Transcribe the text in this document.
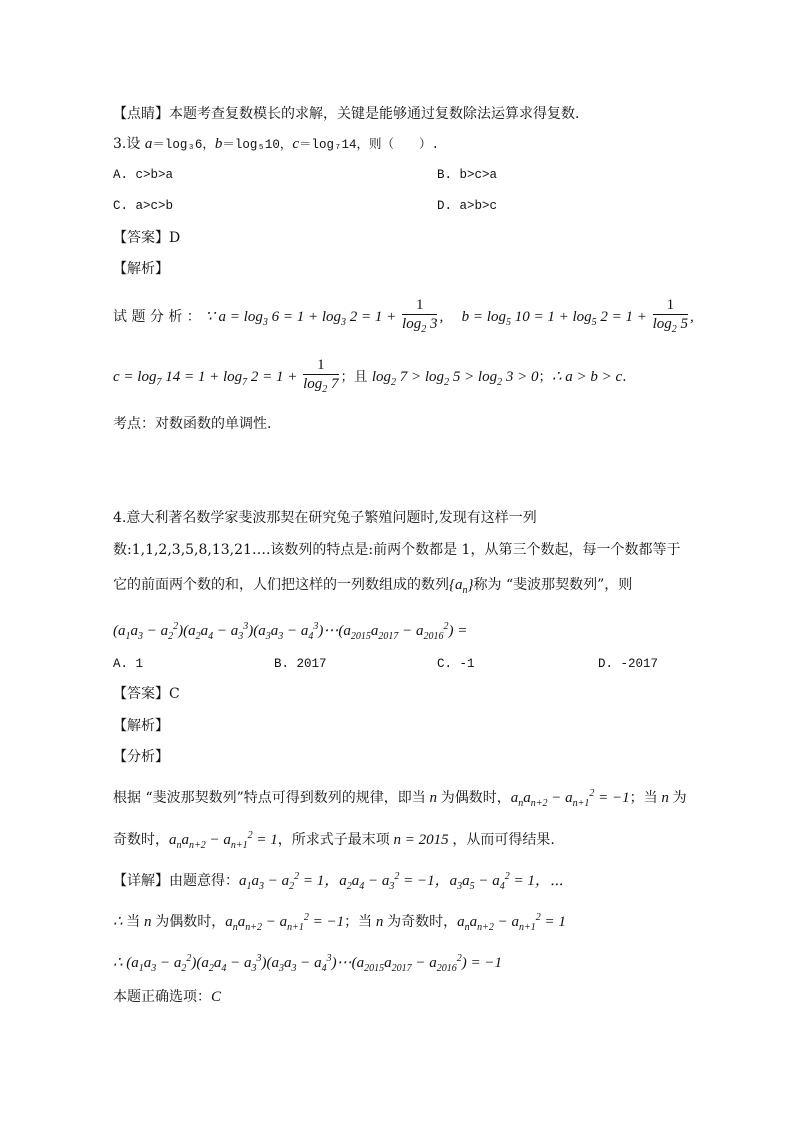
【点睛】本题考查复数模长的求解，关键是能够通过复数除法运算求得复数.
3.设 a＝log₃6，b＝log₅10，c＝log₇14，则（　　）.
A. c>b>a	B. b>c>a
C. a>c>b	D. a>b>c
【答案】D
【解析】
试 题 分 析 ： ∵ $a = \log_3 6 = 1 + \log_3 2 = 1 + \frac{1}{\log_2 3}$ , $b = \log_5 10 = 1 + \log_5 2 = 1 + \frac{1}{\log_2 5}$ ,
$c = \log_7 14 = 1 + \log_7 2 = 1 + \frac{1}{\log_2 7}$ ；且 $\log_2 7 > \log_2 5 > \log_2 3 > 0$；∴ a > b > c.
考点：对数函数的单调性.
4.意大利著名数学家斐波那契在研究兔子繁殖问题时,发现有这样一列
数:1,1,2,3,5,8,13,21….该数列的特点是:前两个数都是 1，从第三个数起，每一个数都等于
它的前面两个数的和，人们把这样的一列数组成的数列$\{a_n\}$称为 “斐波那契数列”，则
$(a_1a_3 - a_2^2)(a_2a_4 - a_3^3)(a_3a_3$ − $a_4^3)\cdots(a_{2015}a_{2017} - a_{2016}^2)$ =
A. 1	B. 2017	C. -1	D. -2017
【答案】C
【解析】
【分析】
根据 “斐波那契数列”特点可得到数列的规律，即当 n 为偶数时，$a_na_{n+2} - a_{n+1}^2 = -1$；当 n 为
奇数时，$a_na_{n+2} - a_{n+1}^2 = 1$，所求式子最末项 n = 2015 ，从而可得结果.
【详解】由题意得：$a_1a_3 - a_2^2 = 1$，$a_2a_4 - a_3^2 = -1$，$a_3a_5 - a_4^2 = 1$，⋯
∴ 当 n 为偶数时，$a_na_{n+2} - a_{n+1}^2 = -1$；当 n 为奇数时，$a_na_{n+2} - a_{n+1}^2 = 1$
∴ $(a_1a_3 - a_2^2)(a_2a_4 - a_3^3)(a_3a_3$ − $a_4^3)\cdots(a_{2015}a_{2017} - a_{2016}^2) = -1$
本题正确选项：C
